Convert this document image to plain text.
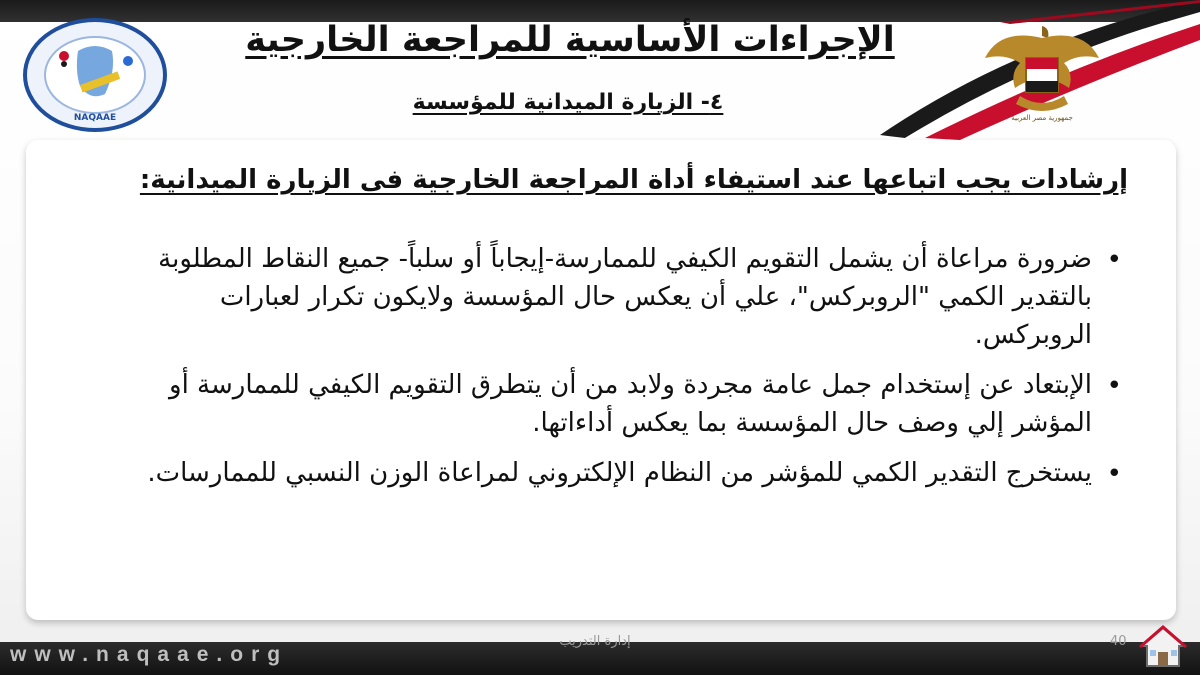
NAQAAE	جمهورية مصر العربية
الإجراءات الأساسية للمراجعة الخارجية
٤- الزيارة الميدانية للمؤسسة
إرشادات يجب اتباعها عند استيفاء أداة المراجعة الخارجية فى الزيارة الميدانية:
•
ضرورة مراعاة أن يشمل التقويم الكيفي للممارسة-إيجاباً أو سلباً- جميع النقاط المطلوبة بالتقدير الكمي "الروبركس"، علي أن يعكس حال المؤسسة ولايكون تكرار لعبارات الروبركس.
•
الإبتعاد عن إستخدام جمل عامة مجردة ولابد من أن يتطرق التقويم الكيفي للممارسة أو المؤشر إلي وصف حال المؤسسة بما يعكس أداءاتها.
•
يستخرج التقدير الكمي للمؤشر من النظام الإلكتروني لمراعاة الوزن النسبي للممارسات.

www.naqaae.org

إدارة التدريب	40
